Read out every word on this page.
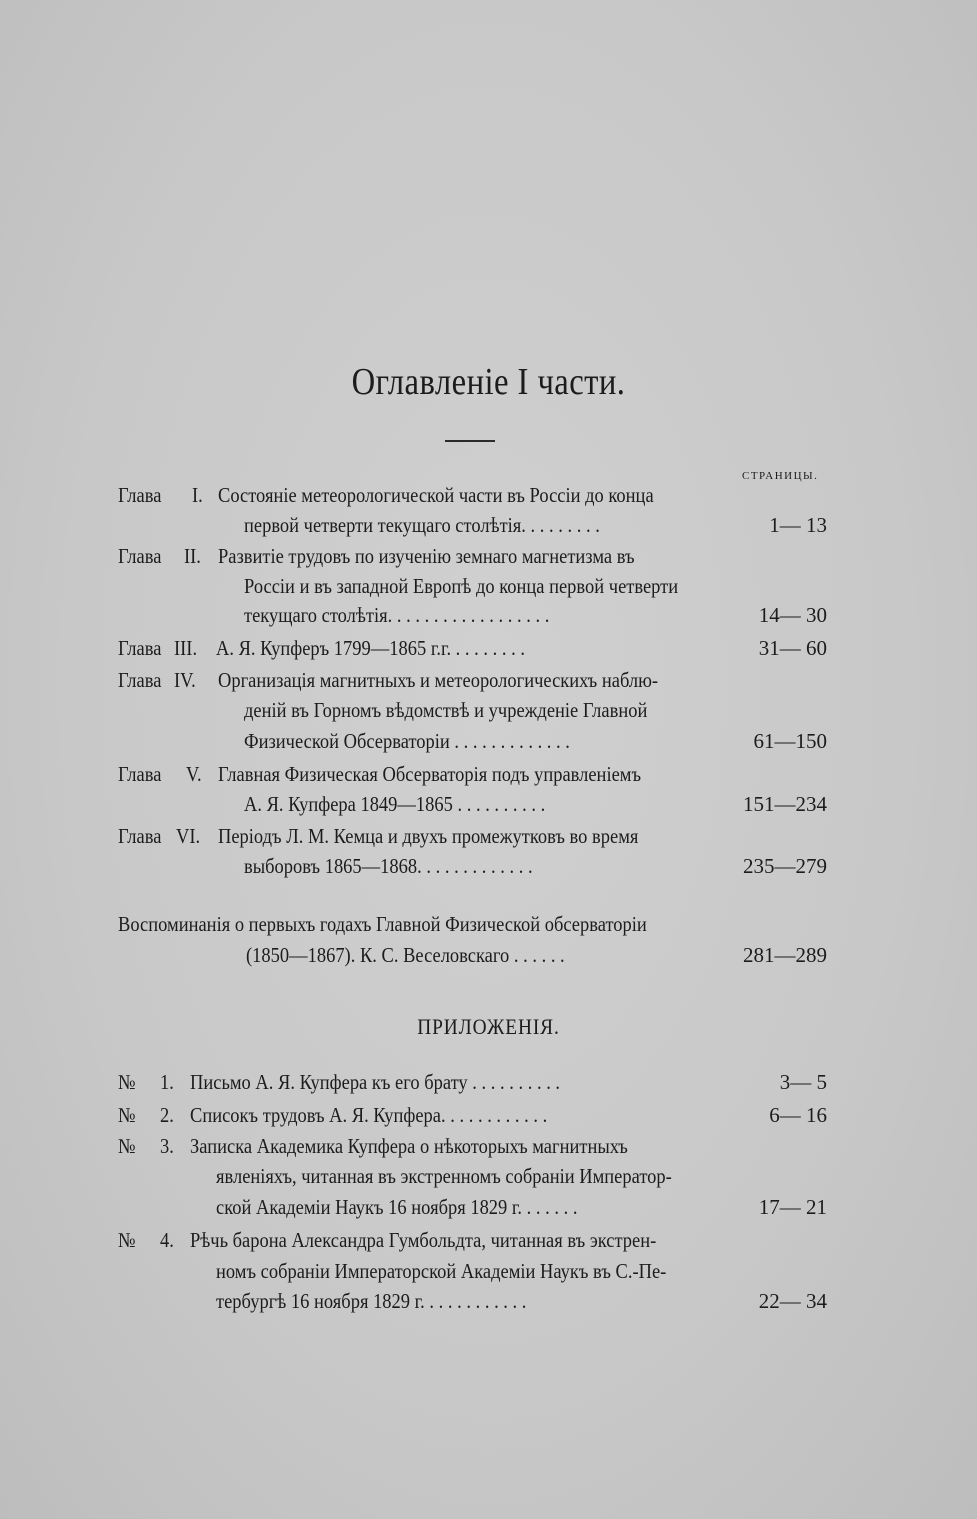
Оглавленіе I части.
СТРАНИЦЫ.
Глава I. Состояніе метеорологической части въ Россіи до конца
первой четверти текущаго столѣтія. . . . . . . . .	1— 13
Глава II. Развитіе трудовъ по изученію земнаго магнетизма въ
Россіи и въ западной Европѣ до конца первой четверти
текущаго столѣтія. . . . . . . . . . . . . . . . . .	14— 30
Глава III. А. Я. Купферъ 1799—1865 г.г. . . . . . . . .	31— 60
Глава IV. Организація магнитныхъ и метеорологическихъ наблю-
деній въ Горномъ вѣдомствѣ и учрежденіе Главной
Физической Обсерваторіи . . . . . . . . . . . . .	61—150
Глава V. Главная Физическая Обсерваторія подъ управленіемъ
А. Я. Купфера 1849—1865 . . . . . . . . . .	151—234
Глава VI. Періодъ Л. М. Кемца и двухъ промежутковъ во время
выборовъ 1865—1868. . . . . . . . . . . . .	235—279
Воспоминанія о первыхъ годахъ Главной Физической обсерваторіи
(1850—1867). К. С. Веселовскаго . . . . . .	281—289
ПРИЛОЖЕНІЯ.
№ 1. Письмо А. Я. Купфера къ его брату . . . . . . . . . .	3— 5
№ 2. Списокъ трудовъ А. Я. Купфера. . . . . . . . . . . .	6— 16
№ 3. Записка Академика Купфера о нѣкоторыхъ магнитныхъ
явленіяхъ, читанная въ экстренномъ собраніи Император-
ской Академіи Наукъ 16 ноября 1829 г. . . . . . .	17— 21
№ 4. Рѣчь барона Александра Гумбольдта, читанная въ экстрен-
номъ собраніи Императорской Академіи Наукъ въ С.-Пе-
тербургѣ 16 ноября 1829 г. . . . . . . . . . . .	22— 34
